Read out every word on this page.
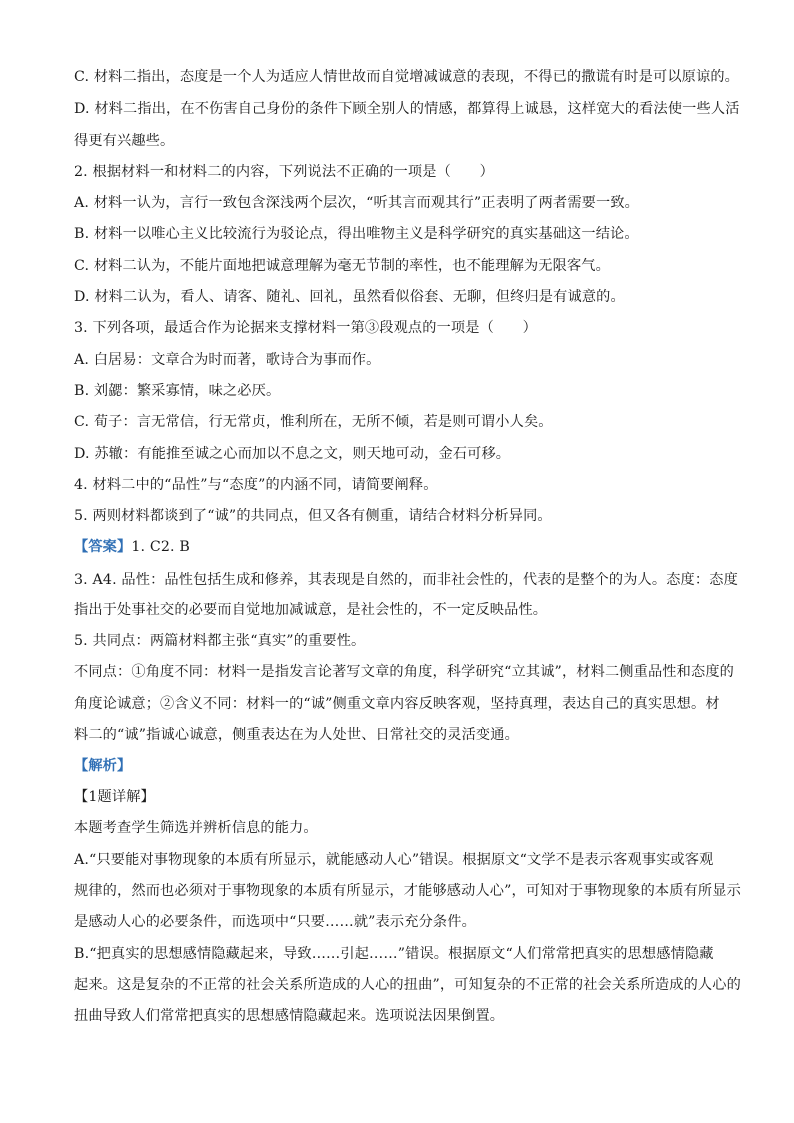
C. 材料二指出，态度是一个人为适应人情世故而自觉增减诚意的表现，不得已的撒谎有时是可以原谅的。
D. 材料二指出，在不伤害自己身份的条件下顾全别人的情感，都算得上诚恳，这样宽大的看法使一些人活
得更有兴趣些。
2. 根据材料一和材料二的内容，下列说法不正确的一项是（　　）
A. 材料一认为，言行一致包含深浅两个层次，“听其言而观其行”正表明了两者需要一致。
B. 材料一以唯心主义比较流行为驳论点，得出唯物主义是科学研究的真实基础这一结论。
C. 材料二认为，不能片面地把诚意理解为毫无节制的率性，也不能理解为无限客气。
D. 材料二认为，看人、请客、随礼、回礼，虽然看似俗套、无聊，但终归是有诚意的。
3. 下列各项，最适合作为论据来支撑材料一第③段观点的一项是（　　）
A. 白居易：文章合为时而著，歌诗合为事而作。
B. 刘勰：繁采寡情，味之必厌。
C. 荀子：言无常信，行无常贞，惟利所在，无所不倾，若是则可谓小人矣。
D. 苏辙：有能推至诚之心而加以不息之文，则天地可动，金石可移。
4. 材料二中的“品性”与“态度”的内涵不同，请简要阐释。
5. 两则材料都谈到了“诚”的共同点，但又各有侧重，请结合材料分析异同。
【答案】1. C2. B
3. A4. 品性：品性包括生成和修养，其表现是自然的，而非社会性的，代表的是整个的为人。态度：态度
指出于处事社交的必要而自觉地加减诚意，是社会性的，不一定反映品性。
5. 共同点：两篇材料都主张“真实”的重要性。
不同点：①角度不同：材料一是指发言论著写文章的角度，科学研究“立其诚”，材料二侧重品性和态度的
角度论诚意；②含义不同：材料一的“诚”侧重文章内容反映客观，坚持真理，表达自己的真实思想。材
料二的“诚”指诚心诚意，侧重表达在为人处世、日常社交的灵活变通。
【解析】
【1题详解】
本题考查学生筛选并辨析信息的能力。
A.“只要能对事物现象的本质有所显示，就能感动人心”错误。根据原文“文学不是表示客观事实或客观
规律的，然而也必须对于事物现象的本质有所显示，才能够感动人心”，可知对于事物现象的本质有所显示
是感动人心的必要条件，而选项中“只要……就”表示充分条件。
B.“把真实的思想感情隐藏起来，导致……引起……”错误。根据原文“人们常常把真实的思想感情隐藏
起来。这是复杂的不正常的社会关系所造成的人心的扭曲”，可知复杂的不正常的社会关系所造成的人心的
扭曲导致人们常常把真实的思想感情隐藏起来。选项说法因果倒置。
